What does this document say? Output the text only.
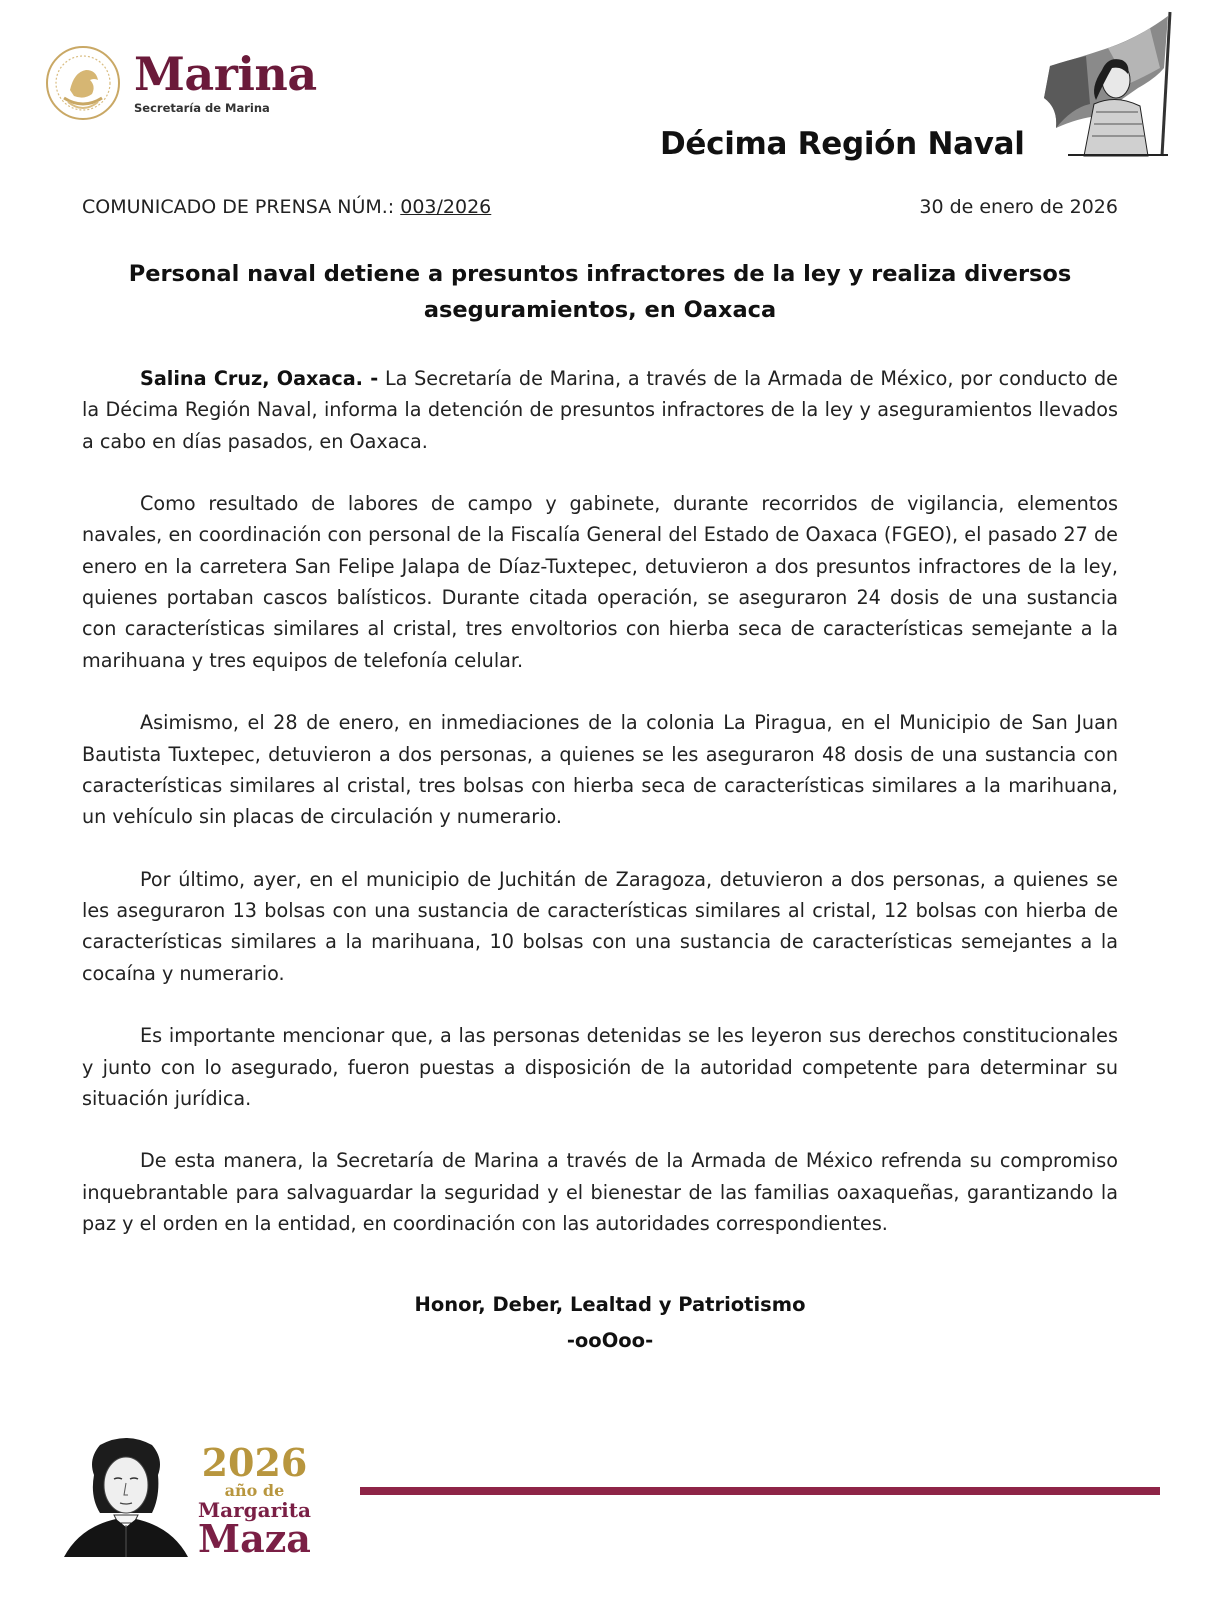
Marina
Secretaría de Marina
Décima Región Naval
COMUNICADO DE PRENSA NÚM.: 003/2026	30 de enero de 2026
Personal naval detiene a presuntos infractores de la ley y realiza diversos aseguramientos, en Oaxaca

Salina Cruz, Oaxaca. - La Secretaría de Marina, a través de la Armada de México, por conducto de la Décima Región Naval, informa la detención de presuntos infractores de la ley y aseguramientos llevados a cabo en días pasados, en Oaxaca.

Como resultado de labores de campo y gabinete, durante recorridos de vigilancia, elementos navales, en coordinación con personal de la Fiscalía General del Estado de Oaxaca (FGEO), el pasado 27 de enero en la carretera San Felipe Jalapa de Díaz-Tuxtepec, detuvieron a dos presuntos infractores de la ley, quienes portaban cascos balísticos. Durante citada operación, se aseguraron 24 dosis de una sustancia con características similares al cristal, tres envoltorios con hierba seca de características semejante a la marihuana y tres equipos de telefonía celular.

Asimismo, el 28 de enero, en inmediaciones de la colonia La Piragua, en el Municipio de San Juan Bautista Tuxtepec, detuvieron a dos personas, a quienes se les aseguraron 48 dosis de una sustancia con características similares al cristal, tres bolsas con hierba seca de características similares a la marihuana, un vehículo sin placas de circulación y numerario.

Por último, ayer, en el municipio de Juchitán de Zaragoza, detuvieron a dos personas, a quienes se les aseguraron 13 bolsas con una sustancia de características similares al cristal, 12 bolsas con hierba de características similares a la marihuana, 10 bolsas con una sustancia de características semejantes a la cocaína y numerario.

Es importante mencionar que, a las personas detenidas se les leyeron sus derechos constitucionales y junto con lo asegurado, fueron puestas a disposición de la autoridad competente para determinar su situación jurídica.

De esta manera, la Secretaría de Marina a través de la Armada de México refrenda su compromiso inquebrantable para salvaguardar la seguridad y el bienestar de las familias oaxaqueñas, garantizando la paz y el orden en la entidad, en coordinación con las autoridades correspondientes.

Honor, Deber, Lealtad y Patriotismo
-ooOoo-
2026
año de
Margarita
Maza
